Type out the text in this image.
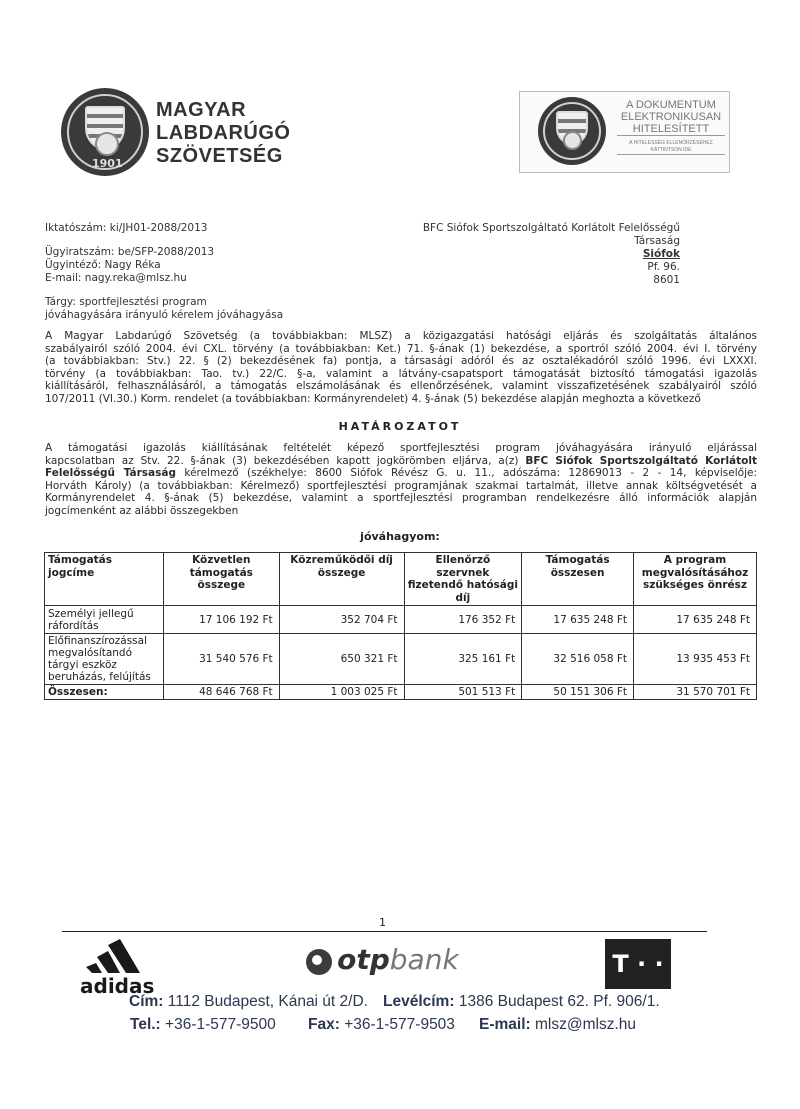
1901
MAGYAR
LABDARÚGÓ
SZÖVETSÉG
A DOKUMENTUM
ELEKTRONIKUSAN
HITELESÍTETT
A HITELESSÉG ELLENŐRZÉSÉHEZ
KATTINTSON IDE
Iktatószám: ki/JH01-2088/2013
Ügyiratszám: be/SFP-2088/2013
Ügyintéző: Nagy Réka
E-mail: nagy.reka@mlsz.hu
Tárgy: sportfejlesztési program
jóváhagyására irányuló kérelem jóváhagyása
BFC Siófok Sportszolgáltató Korlátolt Felelősségű
Társaság
Siófok
Pf. 96.
8601
A Magyar Labdarúgó Szövetség (a továbbiakban: MLSZ) a közigazgatási hatósági eljárás és szolgáltatás általános
szabályairól szóló 2004. évi CXL. törvény (a továbbiakban: Ket.) 71. §-ának (1) bekezdése, a sportról szóló 2004. évi I. törvény
(a továbbiakban: Stv.) 22. § (2) bekezdésének fa) pontja, a társasági adóról és az osztalékadóról szóló 1996. évi LXXXI.
törvény (a továbbiakban: Tao. tv.) 22/C. §-a, valamint a látvány-csapatsport támogatását biztosító támogatási igazolás
kiállításáról, felhasználásáról, a támogatás elszámolásának és ellenőrzésének, valamint visszafizetésének szabályairól szóló
107/2011 (VI.30.) Korm. rendelet (a továbbiakban: Kormányrendelet) 4. §-ának (5) bekezdése alapján meghozta a következő
HATÁROZATOT
A támogatási igazolás kiállításának feltételét képező sportfejlesztési program jóváhagyására irányuló eljárással
kapcsolatban az Stv. 22. §-ának (3) bekezdésében kapott jogkörömben eljárva, a(z) BFC Siófok Sportszolgáltató Korlátolt
Felelősségű Társaság kérelmező (székhelye: 8600 Siófok Révész G. u. 11., adószáma: 12869013 - 2 - 14, képviselője:
Horváth Károly) (a továbbiakban: Kérelmező) sportfejlesztési programjának szakmai tartalmát, illetve annak költségvetését a
Kormányrendelet 4. §-ának (5) bekezdése, valamint a sportfejlesztési programban rendelkezésre álló információk alapján
jogcímenként az alábbi összegekben
jóváhagyom:
Támogatás jogcíme	Közvetlen támogatás összege	Közreműködői díj összege	Ellenőrző szervnek fizetendő hatósági díj	Támogatás összesen	A program megvalósításához szükséges önrész
Személyi jellegű ráfordítás	17 106 192 Ft	352 704 Ft	176 352 Ft	17 635 248 Ft	17 635 248 Ft
Előfinanszírozással megvalósítandó tárgyi eszköz beruházás, felújítás	31 540 576 Ft	650 321 Ft	325 161 Ft	32 516 058 Ft	13 935 453 Ft
Összesen:	48 646 768 Ft	1 003 025 Ft	501 513 Ft	50 151 306 Ft	31 570 701 Ft
1
adidas
otpbank	T · ·
Cím: 1112 Budapest, Kánai út 2/D. Levélcím: 1386 Budapest 62. Pf. 906/1.
Tel.: +36-1-577-9500 Fax: +36-1-577-9503 E-mail: mlsz@mlsz.hu
